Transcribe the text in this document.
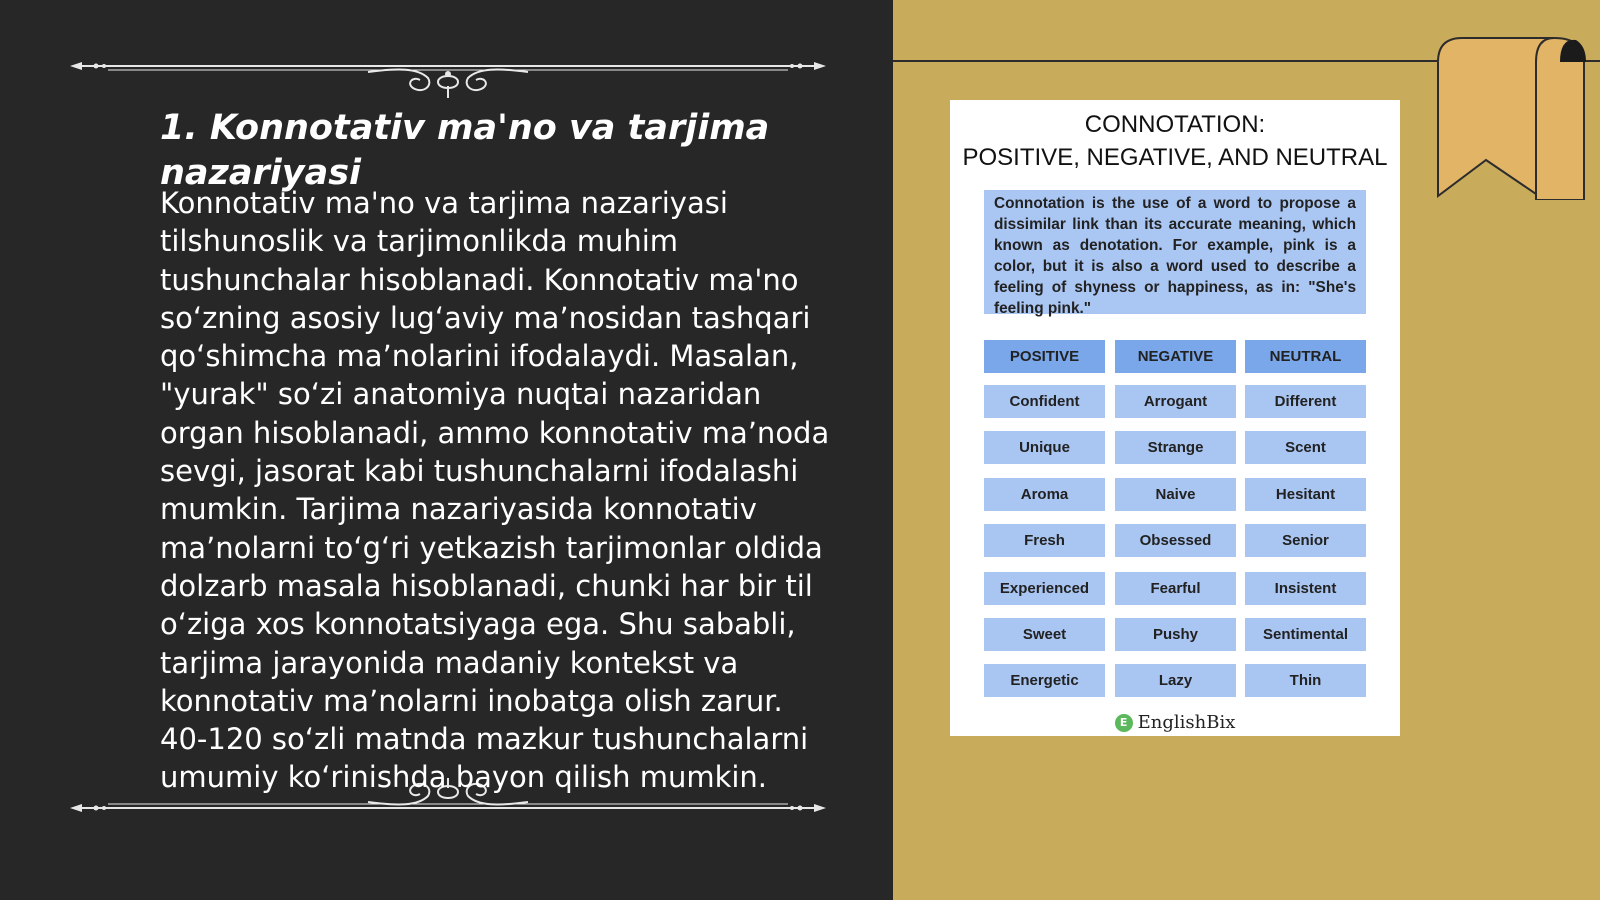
1. Konnotativ ma'no va tarjima nazariyasi

Konnotativ ma'no va tarjima nazariyasi tilshunoslik va tarjimonlikda muhim tushunchalar hisoblanadi. Konnotativ ma'no so‘zning asosiy lug‘aviy ma’nosidan tashqari qo‘shimcha ma’nolarini ifodalaydi. Masalan, "yurak" so‘zi anatomiya nuqtai nazaridan organ hisoblanadi, ammo konnotativ ma’noda sevgi, jasorat kabi tushunchalarni ifodalashi mumkin. Tarjima nazariyasida konnotativ ma’nolarni to‘g‘ri yetkazish tarjimonlar oldida dolzarb masala hisoblanadi, chunki har bir til o‘ziga xos konnotatsiyaga ega. Shu sababli, tarjima jarayonida madaniy kontekst va konnotativ ma’nolarni inobatga olish zarur. 40-120 so‘zli matnda mazkur tushunchalarni umumiy ko‘rinishda bayon qilish mumkin.

CONNOTATION:
POSITIVE, NEGATIVE, AND NEUTRAL
Connotation is the use of a word to propose a dissimilar link than its accurate meaning, which known as denotation. For example, pink is a color, but it is also a word used to describe a feeling of shyness or happiness, as in: "She's feeling pink."
POSITIVE	NEGATIVE	NEUTRAL
Confident	Arrogant	Different
Unique	Strange	Scent
Aroma	Naive	Hesitant
Fresh	Obsessed	Senior
Experienced	Fearful	Insistent
Sweet	Pushy	Sentimental
Energetic	Lazy	Thin
E EnglishBix
